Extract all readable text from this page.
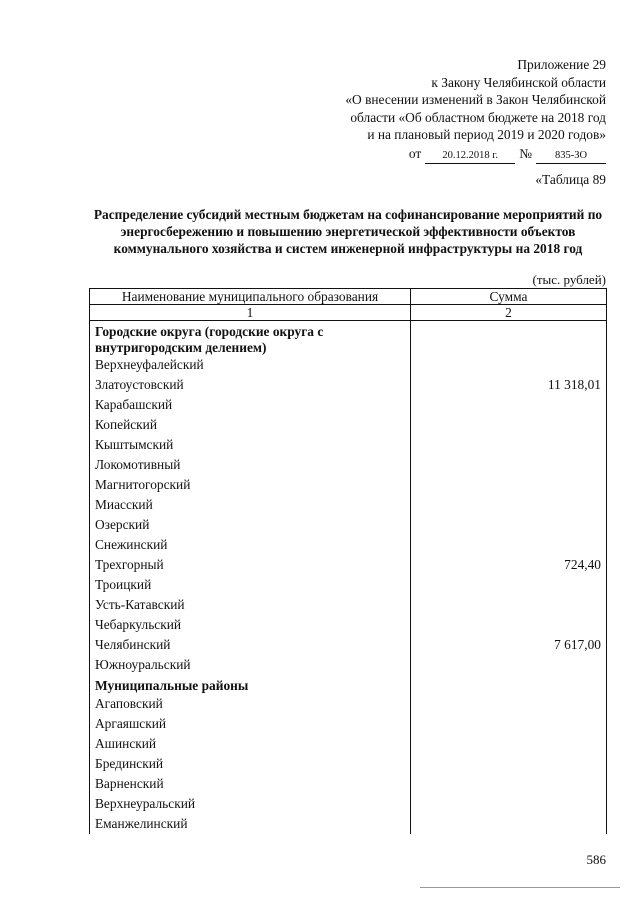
Приложение 29
к Закону Челябинской области
«О внесении изменений в Закон Челябинской
области «Об областном бюджете на 2018 год
и на плановый период 2019 и 2020 годов»
от	20.12.2018 г.	№	835-ЗО
«Таблица 89
Распределение субсидий местным бюджетам на софинансирование мероприятий по энергосбережению и повышению энергетической эффективности объектов коммунального хозяйства и систем инженерной инфраструктуры на 2018 год
(тыс. рублей)
Наименование муниципального образования	Сумма
1	2
Городские округа (городские округа с внутригородским делением)	
Верхнеуфалейский	
Златоустовский	11 318,01
Карабашский	
Копейский	
Кыштымский	
Локомотивный	
Магнитогорский	
Миасский	
Озерский	
Снежинский	
Трехгорный	724,40
Троицкий	
Усть-Катавский	
Чебаркульский	
Челябинский	7 617,00
Южноуральский	
Муниципальные районы	
Агаповский	
Аргаяшский	
Ашинский	
Брединский	
Варненский	
Верхнеуральский	
Еманжелинский	
586
